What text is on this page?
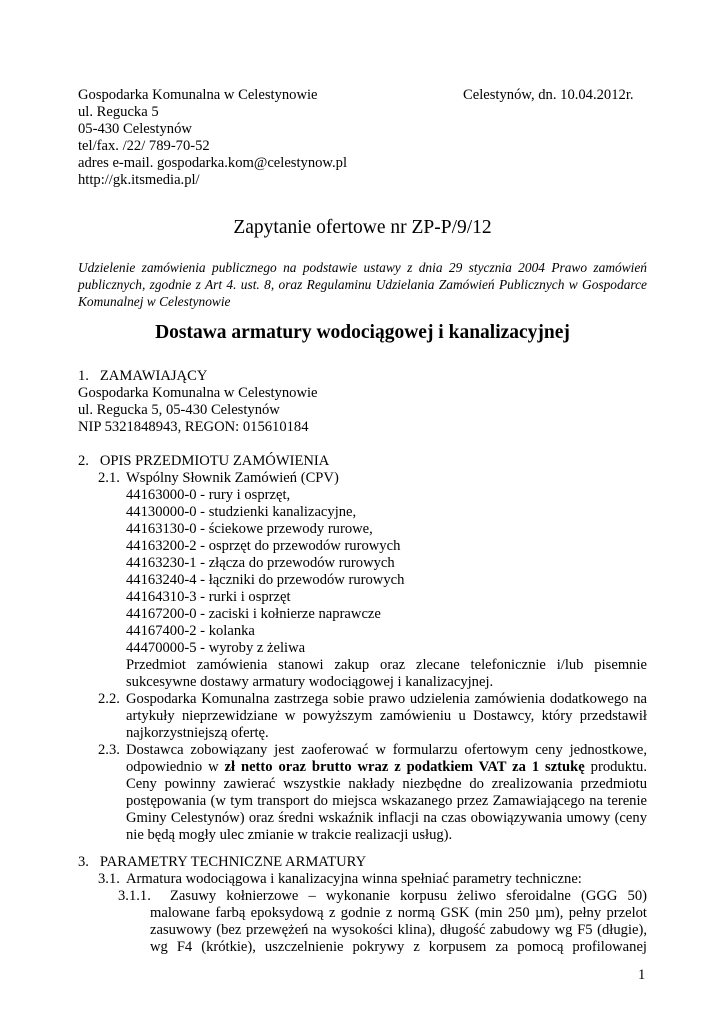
Gospodarka Komunalna w Celestynowie	Celestynów, dn. 10.04.2012r.
ul. Regucka 5
05-430 Celestynów
tel/fax. /22/ 789-70-52
adres e-mail. gospodarka.kom@celestynow.pl
http://gk.itsmedia.pl/
Zapytanie ofertowe nr ZP-P/9/12
Udzielenie zamówienia publicznego na podstawie ustawy z dnia 29 stycznia 2004 Prawo zamówień
publicznych, zgodnie z Art 4. ust. 8, oraz Regulaminu Udzielania Zamówień Publicznych w Gospodarce
Komunalnej w Celestynowie
Dostawa armatury wodociągowej i kanalizacyjnej
1.   ZAMAWIAJĄCY
Gospodarka Komunalna w Celestynowie
ul. Regucka 5, 05-430 Celestynów
NIP 5321848943, REGON: 015610184
2.   OPIS PRZEDMIOTU ZAMÓWIENIA
2.1. Wspólny Słownik Zamówień (CPV)
44163000-0 - rury i osprzęt,
44130000-0 - studzienki kanalizacyjne,
44163130-0 - ściekowe przewody rurowe,
44163200-2 - osprzęt do przewodów rurowych
44163230-1 - złącza do przewodów rurowych
44163240-4 - łączniki do przewodów rurowych
44164310-3 - rurki i osprzęt
44167200-0 - zaciski i kołnierze naprawcze
44167400-2 - kolanka
44470000-5 - wyroby z żeliwa
Przedmiot zamówienia stanowi zakup oraz zlecane telefonicznie i/lub pisemnie
sukcesywne dostawy armatury wodociągowej i kanalizacyjnej.
2.2. Gospodarka Komunalna zastrzega sobie prawo udzielenia zamówienia dodatkowego na
artykuły nieprzewidziane w powyższym zamówieniu u Dostawcy, który przedstawił
najkorzystniejszą ofertę.
2.3. Dostawca zobowiązany jest zaoferować w formularzu ofertowym ceny jednostkowe,
odpowiednio w zł netto oraz brutto wraz z podatkiem VAT za 1 sztukę produktu.
Ceny powinny zawierać wszystkie nakłady niezbędne do zrealizowania przedmiotu
postępowania (w tym transport do miejsca wskazanego przez Zamawiającego na terenie
Gminy Celestynów) oraz średni wskaźnik inflacji na czas obowiązywania umowy (ceny
nie będą mogły ulec zmianie w trakcie realizacji usług).
3.   PARAMETRY TECHNICZNE ARMATURY
3.1. Armatura wodociągowa i kanalizacyjna winna spełniać parametry techniczne:
3.1.1. Zasuwy kołnierzowe – wykonanie korpusu żeliwo sferoidalne (GGG 50)
malowane farbą epoksydową z godnie z normą GSK (min 250 µm), pełny przelot
zasuwowy (bez przewężeń na wysokości klina), długość zabudowy wg F5 (długie),
wg F4 (krótkie), uszczelnienie pokrywy z korpusem za pomocą profilowanej
1
